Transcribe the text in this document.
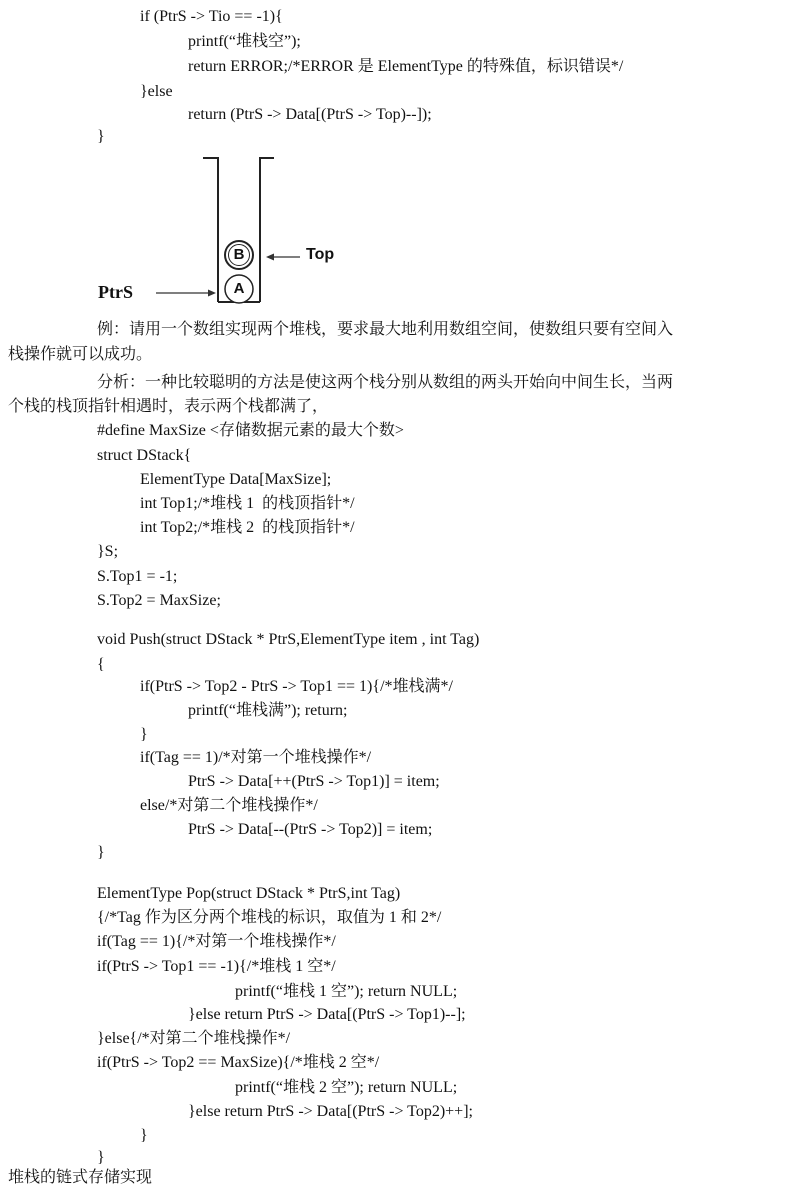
if (PtrS -> Tio == -1){
printf(“堆栈空”);
return ERROR;/*ERROR 是 ElementType 的特殊值，标识错误*/
}else
return (PtrS -> Data[(PtrS -> Top)--]);
}
B
A
Top
PtrS
例：请用一个数组实现两个堆栈，要求最大地利用数组空间，使数组只要有空间入
栈操作就可以成功。
分析：一种比较聪明的方法是使这两个栈分别从数组的两头开始向中间生长，当两
个栈的栈顶指针相遇时，表示两个栈都满了，
#define MaxSize <存储数据元素的最大个数>
struct DStack{
ElementType Data[MaxSize];
int Top1;/*堆栈 1  的栈顶指针*/
int Top2;/*堆栈 2  的栈顶指针*/
}S;
S.Top1 = -1;
S.Top2 = MaxSize;
void Push(struct DStack * PtrS,ElementType item , int Tag)
{
if(PtrS -> Top2 - PtrS -> Top1 == 1){/*堆栈满*/
printf(“堆栈满”); return;
}
if(Tag == 1)/*对第一个堆栈操作*/
PtrS -> Data[++(PtrS -> Top1)] = item;
else/*对第二个堆栈操作*/
PtrS -> Data[--(PtrS -> Top2)] = item;
}
ElementType Pop(struct DStack * PtrS,int Tag)
{/*Tag 作为区分两个堆栈的标识，取值为 1 和 2*/
if(Tag == 1){/*对第一个堆栈操作*/
if(PtrS -> Top1 == -1){/*堆栈 1 空*/
printf(“堆栈 1 空”); return NULL;
}else return PtrS -> Data[(PtrS -> Top1)--];
}else{/*对第二个堆栈操作*/
if(PtrS -> Top2 == MaxSize){/*堆栈 2 空*/
printf(“堆栈 2 空”); return NULL;
}else return PtrS -> Data[(PtrS -> Top2)++];
}
}
堆栈的链式存储实现
